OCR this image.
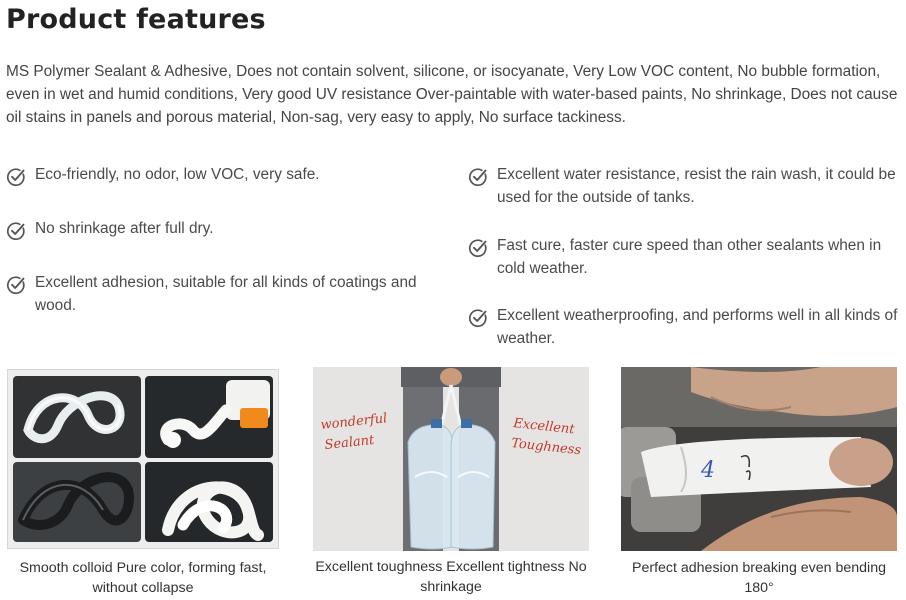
Product features

MS Polymer Sealant & Adhesive, Does not contain solvent, silicone, or isocyanate, Very Low VOC content, No bubble formation, even in wet and humid conditions, Very good UV resistance Over-paintable with water-based paints, No shrinkage, Does not cause oil stains in panels and porous material, Non-sag, very easy to apply, No surface tackiness.

Eco-friendly, no odor, low VOC, very safe.
No shrinkage after full dry.
Excellent adhesion, suitable for all kinds of coatings and wood.
Excellent water resistance, resist the rain wash, it could be used for the outside of tanks.
Fast cure, faster cure speed than other sealants when in cold weather.
Excellent weatherproofing, and performs well in all kinds of weather.
Smooth colloid Pure color, forming fast, without collapse
wonderful
Sealant
Excellent
Toughness
Excellent toughness Excellent tightness No shrinkage
4
Perfect adhesion breaking even bending 180°
